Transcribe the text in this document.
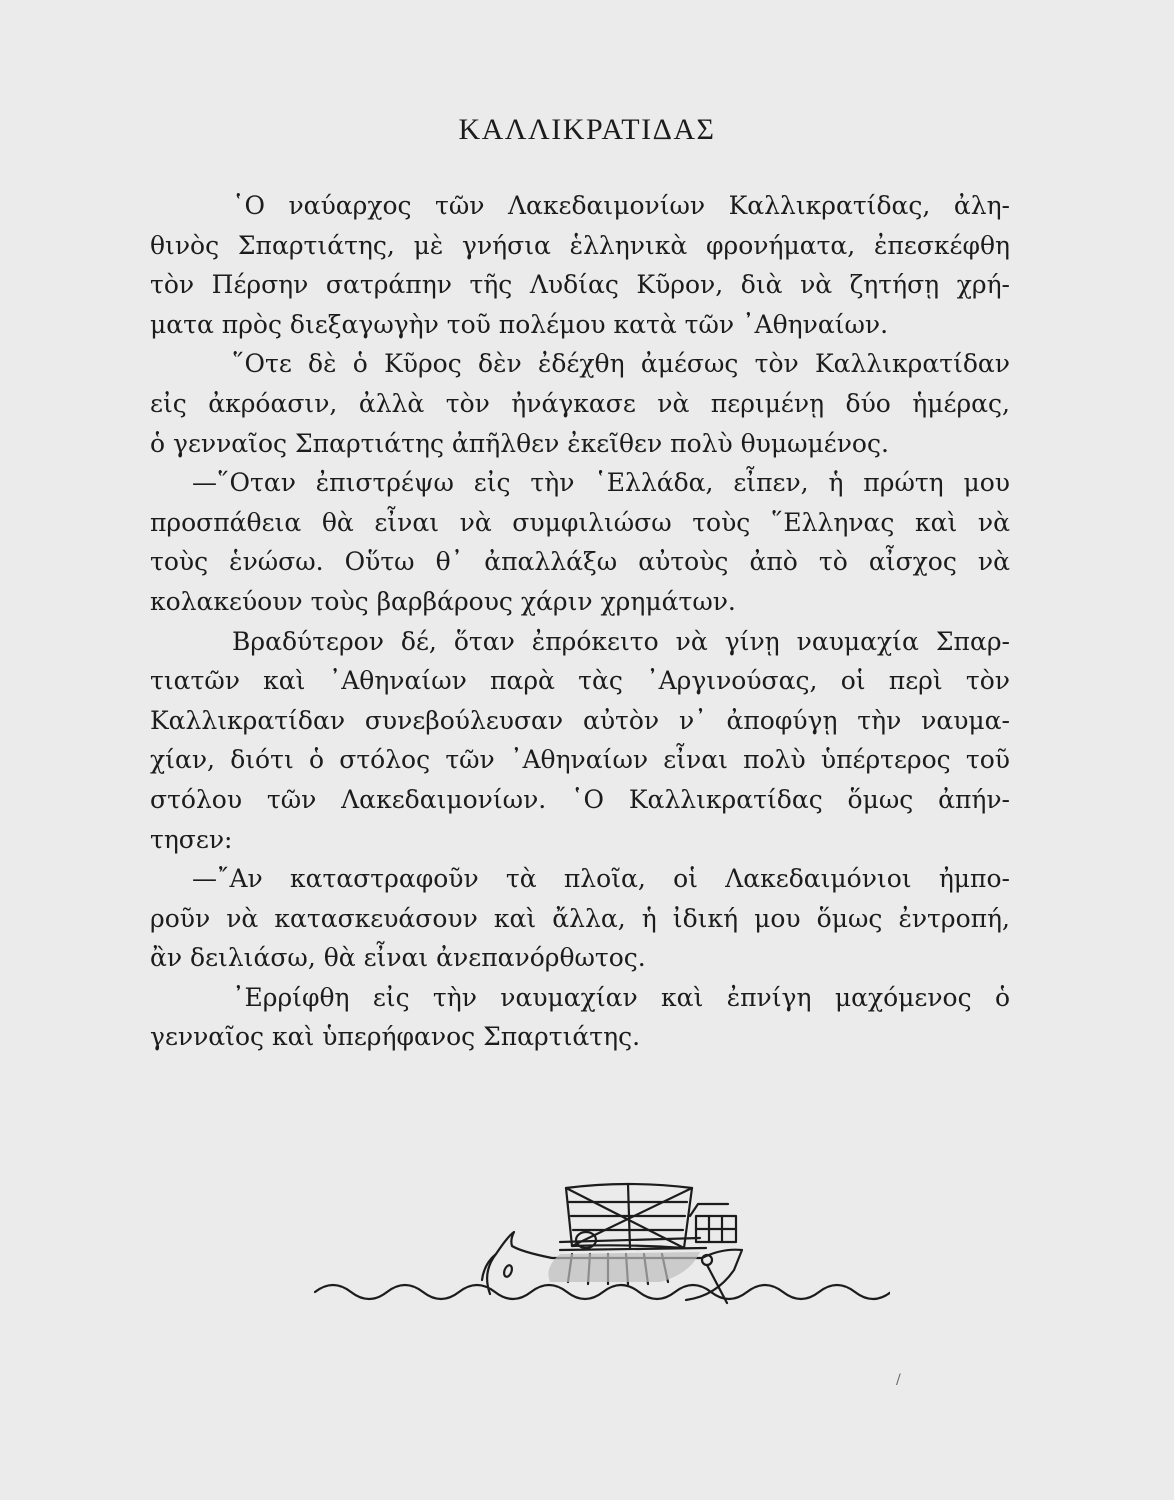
ΚΑΛΛΙΚΡΑΤΙΔΑΣ
῾Ο ναύαρχος τῶν Λακεδαιμονίων Καλλικρατίδας, ἀλη-
θινὸς Σπαρτιάτης, μὲ γνήσια ἑλληνικὰ φρονήματα, ἐπεσκέφθη
τὸν Πέρσην σατράπην τῆς Λυδίας Κῦρον, διὰ νὰ ζητήσῃ χρή-
ματα πρὸς διεξαγωγὴν τοῦ πολέμου κατὰ τῶν ᾿Αθηναίων.
῞Οτε δὲ ὁ Κῦρος δὲν ἐδέχθη ἀμέσως τὸν Καλλικρατίδαν
εἰς ἀκρόασιν, ἀλλὰ τὸν ἠνάγκασε νὰ περιμένῃ δύο ἡμέρας,
ὁ γενναῖος Σπαρτιάτης ἀπῆλθεν ἐκεῖθεν πολὺ θυμωμένος.
—῞Οταν ἐπιστρέψω εἰς τὴν ῾Ελλάδα, εἶπεν, ἡ πρώτη μου
προσπάθεια θὰ εἶναι νὰ συμφιλιώσω τοὺς ῞Ελληνας καὶ νὰ
τοὺς ἑνώσω. Οὕτω θ᾿ ἀπαλλάξω αὐτοὺς ἀπὸ τὸ αἶσχος νὰ
κολακεύουν τοὺς βαρβάρους χάριν χρημάτων.
Βραδύτερον δέ, ὅταν ἐπρόκειτο νὰ γίνῃ ναυμαχία Σπαρ-
τιατῶν καὶ ᾿Αθηναίων παρὰ τὰς ᾿Αργινούσας, οἱ περὶ τὸν
Καλλικρατίδαν συνεβούλευσαν αὐτὸν ν᾿ ἀποφύγῃ τὴν ναυμα-
χίαν, διότι ὁ στόλος τῶν ᾿Αθηναίων εἶναι πολὺ ὑπέρτερος τοῦ
στόλου τῶν Λακεδαιμονίων. ῾Ο Καλλικρατίδας ὅμως ἀπήν-
τησεν:
—῎Αν καταστραφοῦν τὰ πλοῖα, οἱ Λακεδαιμόνιοι ἠμπο-
ροῦν νὰ κατασκευάσουν καὶ ἄλλα, ἡ ἰδική μου ὅμως ἐντροπή,
ἂν δειλιάσω, θὰ εἶναι ἀνεπανόρθωτος.
᾿Ερρίφθη εἰς τὴν ναυμαχίαν καὶ ἐπνίγη μαχόμενος ὁ
γενναῖος καὶ ὑπερήφανος Σπαρτιάτης.
/
